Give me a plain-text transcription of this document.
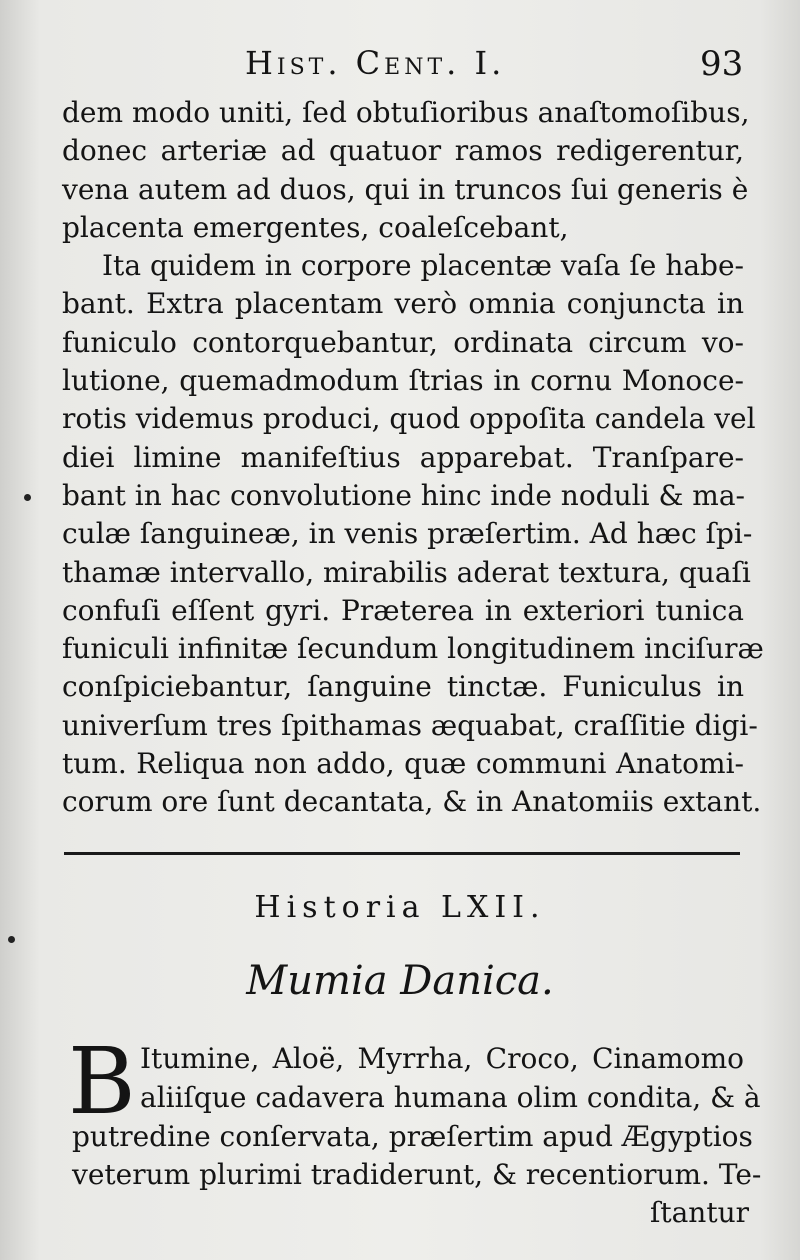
Hist. Cent. I.	93
dem modo uniti, ſed obtuſioribus anaſtomoſibus,
donec arteriæ ad quatuor ramos redigerentur,
vena autem ad duos, qui in truncos ſui generis è
placenta emergentes, coaleſcebant,
Ita quidem in corpore placentæ vaſa ſe habe-
bant. Extra placentam verò omnia conjuncta in
funiculo contorquebantur, ordinata circum vo-
lutione, quemadmodum ſtrias in cornu Monoce-
rotis videmus produci, quod oppoſita candela vel
diei limine manifeſtius apparebat. Tranſpare-
bant in hac convolutione hinc inde noduli & ma-
culæ ſanguineæ, in venis præſertim. Ad hæc ſpi-
thamæ intervallo, mirabilis aderat textura, quaſi
confuſi eſſent gyri. Præterea in exteriori tunica
funiculi infinitæ ſecundum longitudinem inciſuræ
conſpiciebantur, ſanguine tinctæ. Funiculus in
univerſum tres ſpithamas æquabat, craſſitie digi-
tum. Reliqua non addo, quæ communi Anatomi-
corum ore ſunt decantata, & in Anatomiis extant.
Historia LXII.
Mumia Danica.
B Itumine, Aloë, Myrrha, Croco, Cinamomo
aliiſque cadavera humana olim condita, & à
putredine conſervata, præſertim apud Ægyptios
veterum plurimi tradiderunt, & recentiorum. Te-
ſtantur
